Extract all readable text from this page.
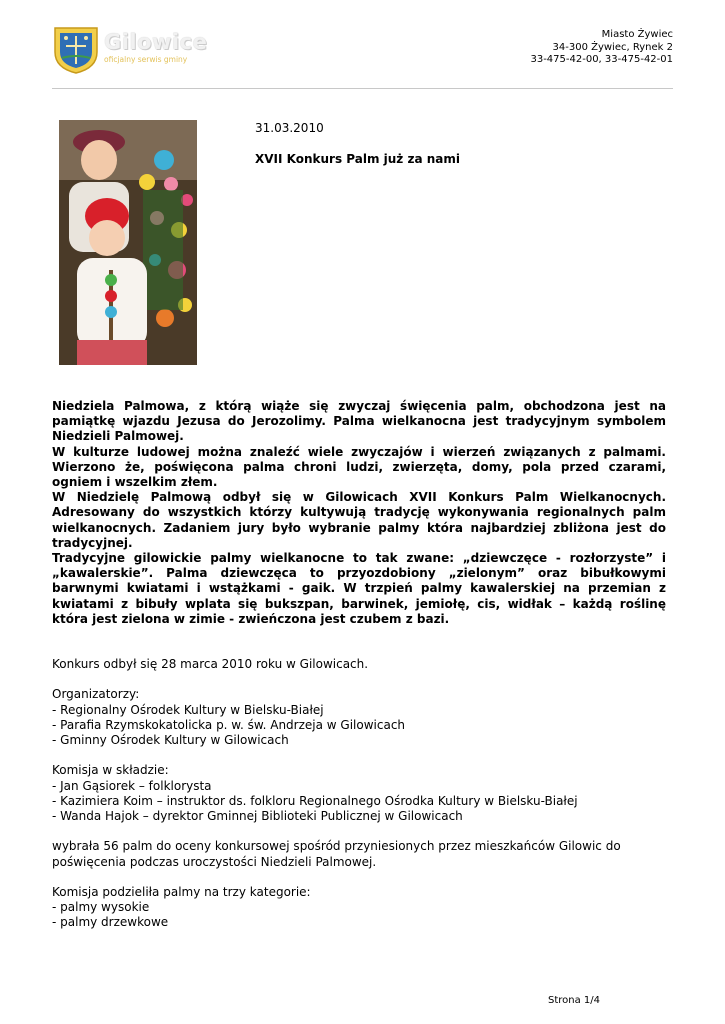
Gilowice
oficjalny serwis gminy
Miasto Żywiec
34-300 Żywiec, Rynek 2
33-475-42-00, 33-475-42-01
31.03.2010
XVII Konkurs Palm już za nami

Niedziela Palmowa, z którą wiąże się zwyczaj święcenia palm, obchodzona jest na pamiątkę wjazdu Jezusa do Jerozolimy. Palma wielkanocna jest tradycyjnym symbolem Niedzieli Palmowej.

W kulturze ludowej można znaleźć wiele zwyczajów i wierzeń związanych z palmami. Wierzono że, poświęcona palma chroni ludzi, zwierzęta, domy, pola przed czarami, ogniem i wszelkim złem.

W Niedzielę Palmową odbył się w Gilowicach XVII Konkurs Palm Wielkanocnych. Adresowany do wszystkich którzy kultywują tradycję wykonywania regionalnych palm wielkanocnych. Zadaniem jury było wybranie palmy która najbardziej zbliżona jest do tradycyjnej.

Tradycyjne gilowickie palmy wielkanocne to tak zwane: „dziewczęce - rozłorzyste” i „kawalerskie”. Palma dziewczęca to przyozdobiony „zielonym” oraz bibułkowymi barwnymi kwiatami i wstążkami - gaik. W trzpień palmy kawalerskiej na przemian z kwiatami z bibuły wplata się bukszpan, barwinek, jemiołę, cis, widłak – każdą roślinę która jest zielona w zimie - zwieńczona jest czubem z bazi.

Konkurs odbył się 28 marca 2010 roku w Gilowicach.

Organizatorzy:

- Regionalny Ośrodek Kultury w Bielsku-Białej

- Parafia Rzymskokatolicka p. w. św. Andrzeja w Gilowicach

- Gminny Ośrodek Kultury w Gilowicach

Komisja w składzie:

- Jan Gąsiorek – folklorysta

- Kazimiera Koim – instruktor ds. folkloru Regionalnego Ośrodka Kultury w Bielsku-Białej

- Wanda Hajok – dyrektor Gminnej Biblioteki Publicznej w Gilowicach

wybrała 56 palm do oceny konkursowej spośród przyniesionych przez mieszkańców Gilowic do poświęcenia podczas uroczystości Niedzieli Palmowej.

Komisja podzieliła palmy na trzy kategorie:

- palmy wysokie

- palmy drzewkowe

Strona 1/4
